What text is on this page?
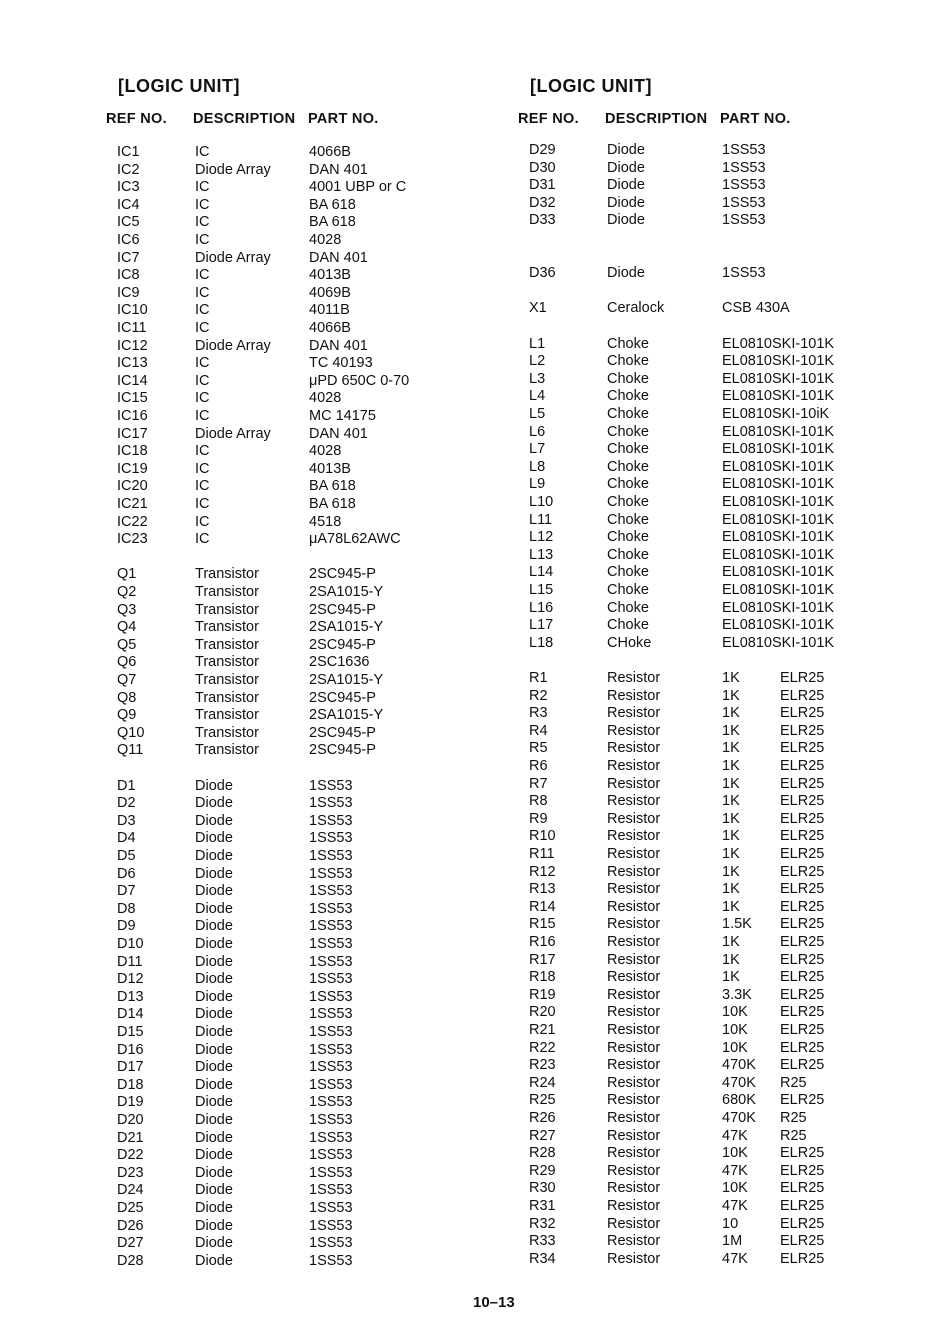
[LOGIC UNIT]
REF NO. DESCRIPTION PART NO.
IC1	IC	4066B
IC2	Diode Array	DAN 401
IC3	IC	4001 UBP or C
IC4	IC	BA 618
IC5	IC	BA 618
IC6	IC	4028
IC7	Diode Array	DAN 401
IC8	IC	4013B
IC9	IC	4069B
IC10	IC	4011B
IC11	IC	4066B
IC12	Diode Array	DAN 401
IC13	IC	TC 40193
IC14	IC	μPD 650C 0-70
IC15	IC	4028
IC16	IC	MC 14175
IC17	Diode Array	DAN 401
IC18	IC	4028
IC19	IC	4013B
IC20	IC	BA 618
IC21	IC	BA 618
IC22	IC	4518
IC23	IC	μA78L62AWC
Q1	Transistor	2SC945-P
Q2	Transistor	2SA1015-Y
Q3	Transistor	2SC945-P
Q4	Transistor	2SA1015-Y
Q5	Transistor	2SC945-P
Q6	Transistor	2SC1636
Q7	Transistor	2SA1015-Y
Q8	Transistor	2SC945-P
Q9	Transistor	2SA1015-Y
Q10	Transistor	2SC945-P
Q11	Transistor	2SC945-P
D1	Diode	1SS53
D2	Diode	1SS53
D3	Diode	1SS53
D4	Diode	1SS53
D5	Diode	1SS53
D6	Diode	1SS53
D7	Diode	1SS53
D8	Diode	1SS53
D9	Diode	1SS53
D10	Diode	1SS53
D11	Diode	1SS53
D12	Diode	1SS53
D13	Diode	1SS53
D14	Diode	1SS53
D15	Diode	1SS53
D16	Diode	1SS53
D17	Diode	1SS53
D18	Diode	1SS53
D19	Diode	1SS53
D20	Diode	1SS53
D21	Diode	1SS53
D22	Diode	1SS53
D23	Diode	1SS53
D24	Diode	1SS53
D25	Diode	1SS53
D26	Diode	1SS53
D27	Diode	1SS53
D28	Diode	1SS53
[LOGIC UNIT]
REF NO. DESCRIPTION PART NO.
D29	Diode	1SS53
D30	Diode	1SS53
D31	Diode	1SS53
D32	Diode	1SS53
D33	Diode	1SS53
D36	Diode	1SS53
X1	Ceralock	CSB 430A
L1	Choke	EL0810SKI-101K
L2	Choke	EL0810SKI-101K
L3	Choke	EL0810SKI-101K
L4	Choke	EL0810SKI-101K
L5	Choke	EL0810SKI-10iK
L6	Choke	EL0810SKI-101K
L7	Choke	EL0810SKI-101K
L8	Choke	EL0810SKI-101K
L9	Choke	EL0810SKI-101K
L10	Choke	EL0810SKI-101K
L11	Choke	EL0810SKI-101K
L12	Choke	EL0810SKI-101K
L13	Choke	EL0810SKI-101K
L14	Choke	EL0810SKI-101K
L15	Choke	EL0810SKI-101K
L16	Choke	EL0810SKI-101K
L17	Choke	EL0810SKI-101K
L18	CHoke	EL0810SKI-101K
R1	Resistor	1K	ELR25
R2	Resistor	1K	ELR25
R3	Resistor	1K	ELR25
R4	Resistor	1K	ELR25
R5	Resistor	1K	ELR25
R6	Resistor	1K	ELR25
R7	Resistor	1K	ELR25
R8	Resistor	1K	ELR25
R9	Resistor	1K	ELR25
R10	Resistor	1K	ELR25
R11	Resistor	1K	ELR25
R12	Resistor	1K	ELR25
R13	Resistor	1K	ELR25
R14	Resistor	1K	ELR25
R15	Resistor	1.5K ELR25
R16	Resistor	1K	ELR25
R17	Resistor	1K	ELR25
R18	Resistor	1K	ELR25
R19	Resistor	3.3K ELR25
R20	Resistor	10K ELR25
R21	Resistor	10K ELR25
R22	Resistor	10K ELR25
R23	Resistor	470K ELR25
R24	Resistor	470K R25
R25	Resistor	680K ELR25
R26	Resistor	470K R25
R27	Resistor	47K R25
R28	Resistor	10K ELR25
R29	Resistor	47K ELR25
R30	Resistor	10K ELR25
R31	Resistor	47K ELR25
R32	Resistor	10	ELR25
R33	Resistor	1M	ELR25
R34	Resistor	47K ELR25
10–13
